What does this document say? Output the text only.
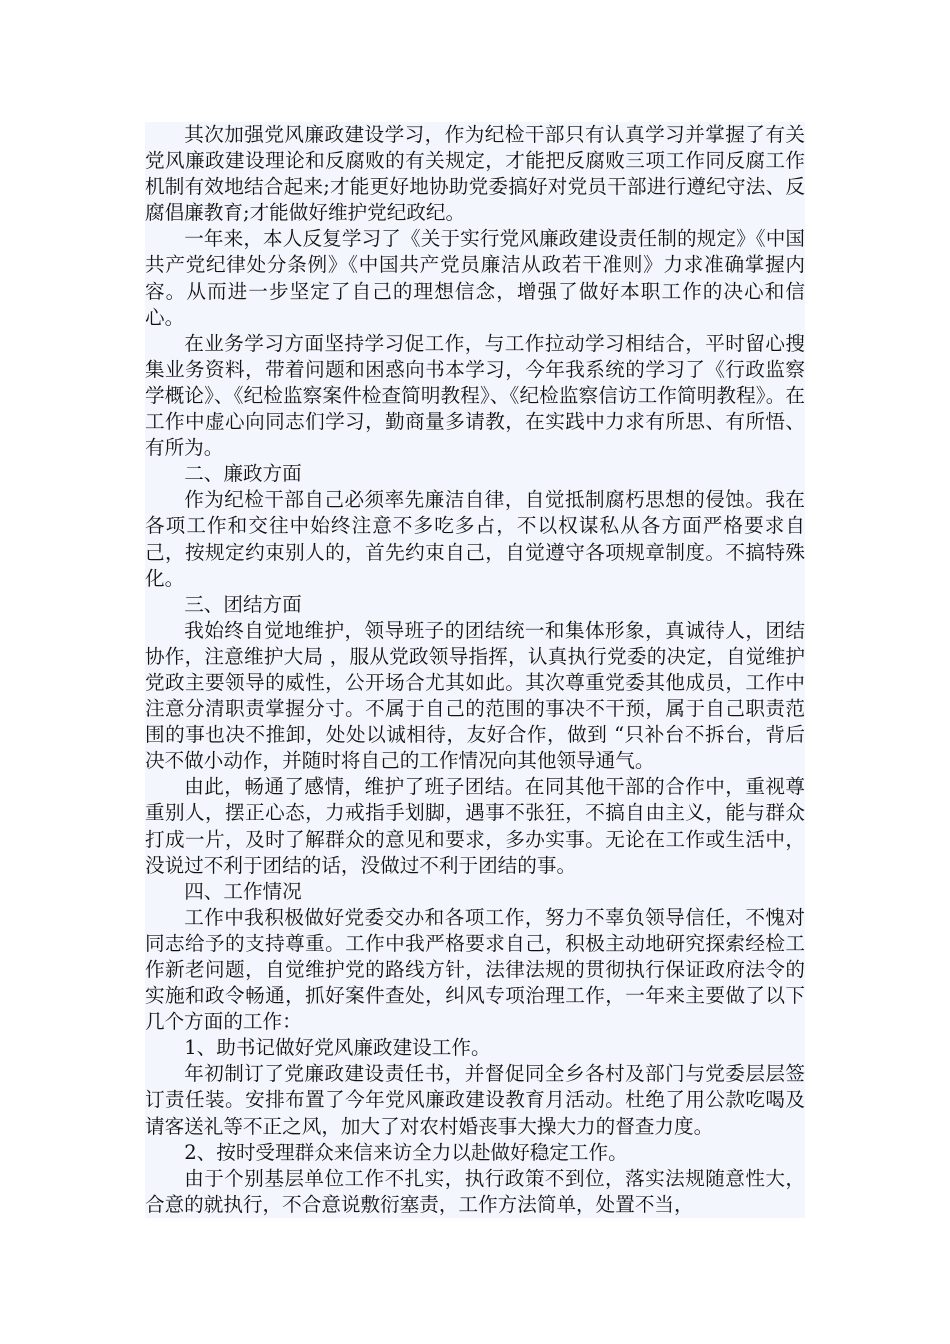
其次加强党风廉政建设学习，作为纪检干部只有认真学习并掌握了有关党风廉政建设理论和反腐败的有关规定，才能把反腐败三项工作同反腐工作机制有效地结合起来;才能更好地协助党委搞好对党员干部进行遵纪守法、反腐倡廉教育;才能做好维护党纪政纪。

一年来，本人反复学习了《关于实行党风廉政建设责任制的规定》《中国共产党纪律处分条例》《中国共产党员廉洁从政若干准则》力求准确掌握内容。从而进一步坚定了自己的理想信念，增强了做好本职工作的决心和信心。

在业务学习方面坚持学习促工作，与工作拉动学习相结合，平时留心搜集业务资料，带着问题和困惑向书本学习，今年我系统的学习了《行政监察学概论》、《纪检监察案件检查简明教程》、《纪检监察信访工作简明教程》。在工作中虚心向同志们学习，勤商量多请教，在实践中力求有所思、有所悟、有所为。

二、廉政方面

作为纪检干部自己必须率先廉洁自律，自觉抵制腐朽思想的侵蚀。我在各项工作和交往中始终注意不多吃多占，不以权谋私从各方面严格要求自己，按规定约束别人的，首先约束自己，自觉遵守各项规章制度。不搞特殊化。

三、团结方面

我始终自觉地维护，领导班子的团结统一和集体形象，真诚待人，团结协作，注意维护大局 ，服从党政领导指挥，认真执行党委的决定，自觉维护党政主要领导的威性，公开场合尤其如此。其次尊重党委其他成员，工作中注意分清职责掌握分寸。不属于自己的范围的事决不干预，属于自己职责范围的事也决不推卸，处处以诚相待，友好合作，做到 “只补台不拆台，背后决不做小动作，并随时将自己的工作情况向其他领导通气。

由此，畅通了感情，维护了班子团结。在同其他干部的合作中，重视尊重别人，摆正心态，力戒指手划脚，遇事不张狂，不搞自由主义，能与群众打成一片，及时了解群众的意见和要求，多办实事。无论在工作或生活中，没说过不利于团结的话，没做过不利于团结的事。

四、工作情况

工作中我积极做好党委交办和各项工作，努力不辜负领导信任，不愧对同志给予的支持尊重。工作中我严格要求自己，积极主动地研究探索经检工作新老问题，自觉维护党的路线方针，法律法规的贯彻执行保证政府法令的实施和政令畅通，抓好案件查处，纠风专项治理工作，一年来主要做了以下几个方面的工作：

1、助书记做好党风廉政建设工作。

年初制订了党廉政建设责任书，并督促同全乡各村及部门与党委层层签订责任装。安排布置了今年党风廉政建设教育月活动。杜绝了用公款吃喝及请客送礼等不正之风，加大了对农村婚丧事大操大力的督查力度。

2、按时受理群众来信来访全力以赴做好稳定工作。

由于个别基层单位工作不扎实，执行政策不到位，落实法规随意性大，合意的就执行，不合意说敷衍塞责，工作方法简单，处置不当，
